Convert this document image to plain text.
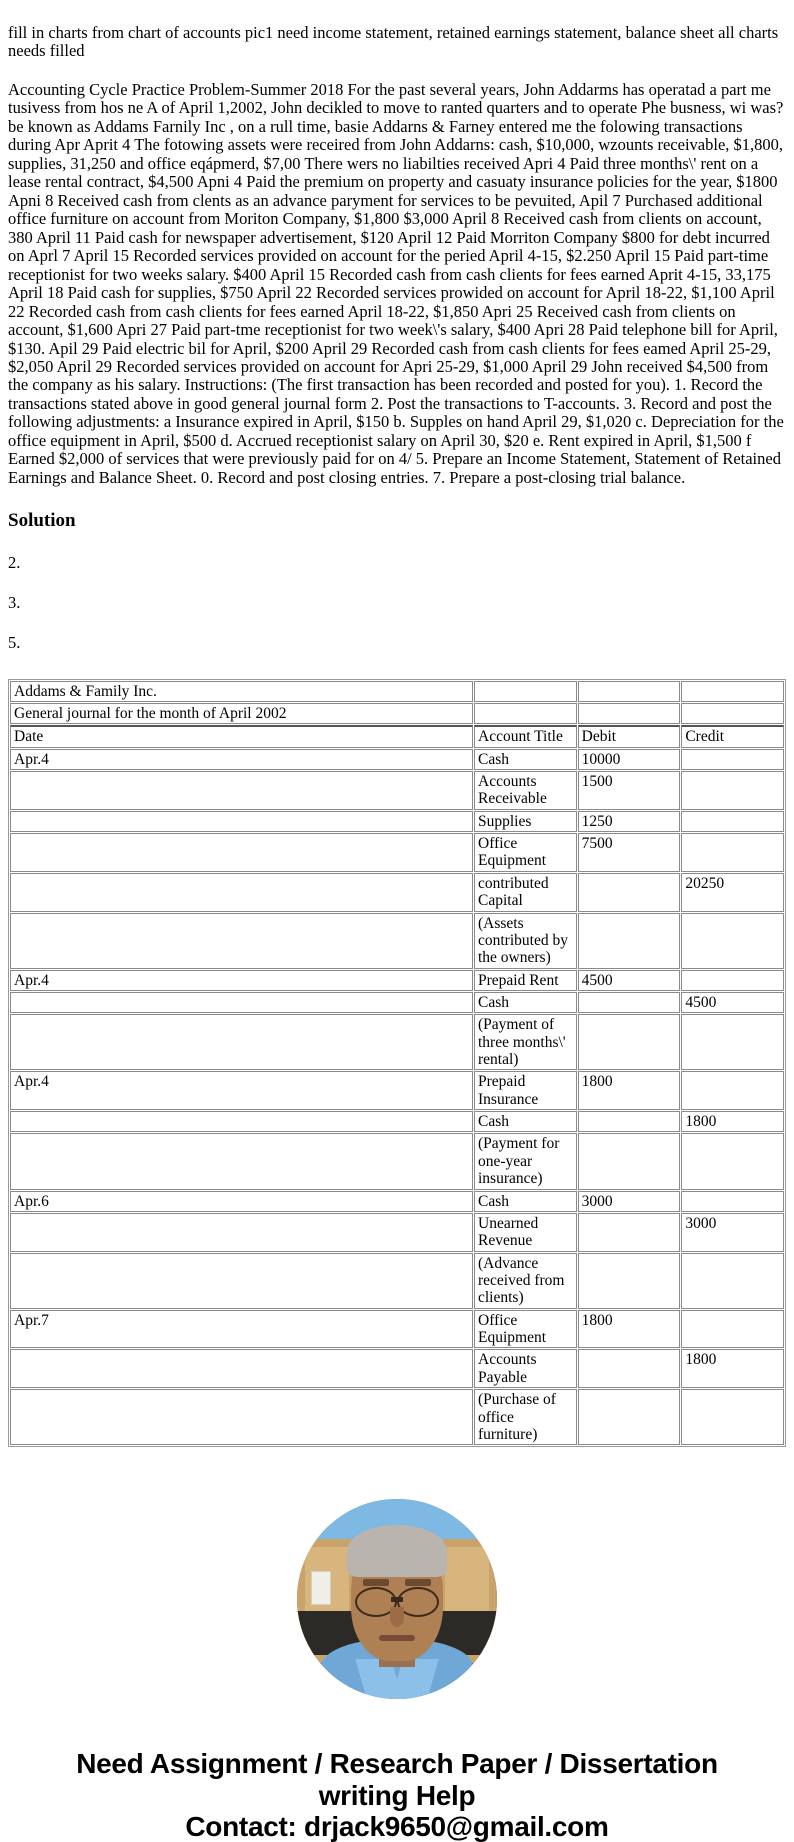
fill in charts from chart of accounts pic1 need income statement, retained earnings statement, balance sheet all charts needs filled

Accounting Cycle Practice Problem-Summer 2018 For the past several years, John Addarms has operatad a part me tusivess from hos ne A of April 1,2002, John decikled to move to ranted quarters and to operate Phe busness, wi was?be known as Addams Farnily Inc , on a rull time, basie Addarns & Farney entered me the folowing transactions during Apr Aprit 4 The fotowing assets were receired from John Addarns: cash, $10,000, wzounts receivable, $1,800, supplies, 31,250 and office eqápmerd, $7,00 There wers no liabilties received Apri 4 Paid three months\' rent on a lease rental contract, $4,500 Apni 4 Paid the premium on property and casuaty insurance policies for the year, $1800 Apni 8 Received cash from clents as an advance paryment for services to be pevuited, Apil 7 Purchased additional office furniture on account from Moriton Company, $1,800 $3,000 April 8 Received cash from clients on account, 380 April 11 Paid cash for newspaper advertisement, $120 April 12 Paid Morriton Company $800 for debt incurred on Aprl 7 April 15 Recorded services provided on account for the peried April 4-15, $2.250 April 15 Paid part-time receptionist for two weeks salary. $400 April 15 Recorded cash from cash clients for fees earned Aprit 4-15, 33,175 April 18 Paid cash for supplies, $750 April 22 Recorded services prowided on account for April 18-22, $1,100 April 22 Recorded cash from cash clients for fees earned April 18-22, $1,850 Apri 25 Received cash from clients on account, $1,600 Apri 27 Paid part-tme receptionist for two week\'s salary, $400 Apri 28 Paid telephone bill for April, $130. Apil 29 Paid electric bil for April, $200 April 29 Recorded cash from cash clients for fees eamed April 25-29, $2,050 April 29 Recorded services provided on account for Apri 25-29, $1,000 April 29 John received $4,500 from the company as his salary. Instructions: (The first transaction has been recorded and posted for you). 1. Record the transactions stated above in good general journal form 2. Post the transactions to T-accounts. 3. Record and post the following adjustments: a Insurance expired in April, $150 b. Supples on hand April 29, $1,020 c. Depreciation for the office equipment in April, $500 d. Accrued receptionist salary on April 30, $20 e. Rent expired in April, $1,500 f Earned $2,000 of services that were previously paid for on 4/ 5. Prepare an Income Statement, Statement of Retained Earnings and Balance Sheet. 0. Record and post closing entries. 7. Prepare a post-closing trial balance.

Solution
2.
3.
5.
Addams & Family Inc.			
General journal for the month of April 2002			
Date	Account Title	Debit	Credit
Apr.4	Cash	10000	
	Accounts Receivable	1500	
	Supplies	1250	
	Office Equipment	7500	
	contributed Capital		20250
	(Assets contributed by the owners)		
Apr.4	Prepaid Rent	4500	
	Cash		4500
	(Payment of three months\' rental)		
Apr.4	Prepaid Insurance	1800	
	Cash		1800
	(Payment for one-year insurance)		
Apr.6	Cash	3000	
	Unearned Revenue		3000
	(Advance received from clients)		
Apr.7	Office Equipment	1800	
	Accounts Payable		1800
	(Purchase of office furniture)		
Need Assignment / Research Paper / Dissertation
writing Help
Contact: drjack9650@gmail.com
